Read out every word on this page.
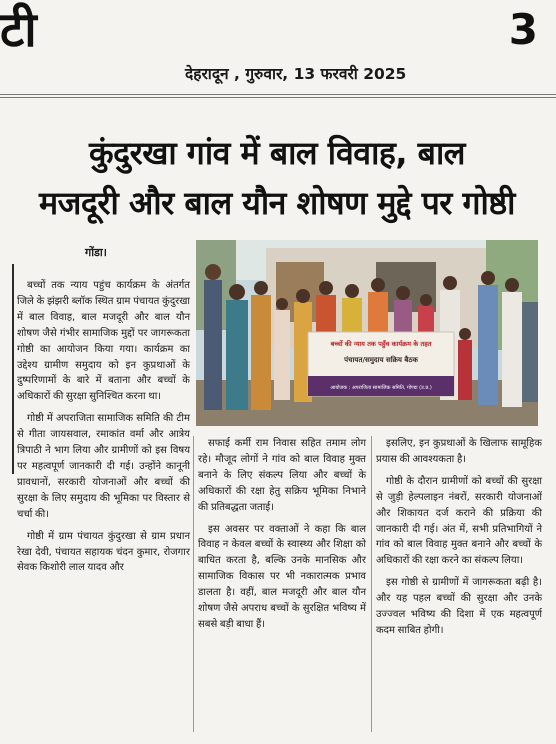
टी	3
देहरादून , गुरुवार, 13 फरवरी 2025
कुंदुरखा गांव में बाल विवाह, बाल
मजदूरी और बाल यौन शोषण मुद्दे पर गोष्ठी
गोंडा।
बच्चों की न्याय तक पहुँच कार्यक्रम के तहत
पंचायत/समुदाय सक्रिय बैठक
आयोजक : अपराजिता सामाजिक समिति, गोण्डा (उ.प्र.)

बच्चों तक न्याय पहुंच कार्यक्रम के अंतर्गत जिले के झंझरी ब्लॉक स्थित ग्राम पंचायत कुंदुरखा में बाल विवाह, बाल मजदूरी और बाल यौन शोषण जैसे गंभीर सामाजिक मुद्दों पर जागरूकता गोष्ठी का आयोजन किया गया। कार्यक्रम का उद्देश्य ग्रामीण समुदाय को इन कुप्रथाओं के दुष्परिणामों के बारे में बताना और बच्चों के अधिकारों की सुरक्षा सुनिश्चित करना था।

गोष्ठी में अपराजिता सामाजिक समिति की टीम से गीता जायसवाल, रमाकांत वर्मा और आत्रेय त्रिपाठी ने भाग लिया और ग्रामीणों को इस विषय पर महत्वपूर्ण जानकारी दी गई। उन्होंने कानूनी प्रावधानों, सरकारी योजनाओं और बच्चों की सुरक्षा के लिए समुदाय की भूमिका पर विस्तार से चर्चा की।

गोष्ठी में ग्राम पंचायत कुंदुरखा से ग्राम प्रधान रेखा देवी, पंचायत सहायक चंदन कुमार, रोजगार सेवक किशोरी लाल यादव और

सफाई कर्मी राम निवास सहित तमाम लोग रहे। मौजूद लोगों ने गांव को बाल विवाह मुक्त बनाने के लिए संकल्प लिया और बच्चों के अधिकारों की रक्षा हेतु सक्रिय भूमिका निभाने की प्रतिबद्धता जताई।

इस अवसर पर वक्ताओं ने कहा कि बाल विवाह न केवल बच्चों के स्वास्थ्य और शिक्षा को बाधित करता है, बल्कि उनके मानसिक और सामाजिक विकास पर भी नकारात्मक प्रभाव डालता है। वहीं, बाल मजदूरी और बाल यौन शोषण जैसे अपराध बच्चों के सुरक्षित भविष्य में सबसे बड़ी बाधा हैं।

इसलिए, इन कुप्रथाओं के खिलाफ सामूहिक प्रयास की आवश्यकता है।

गोष्ठी के दौरान ग्रामीणों को बच्चों की सुरक्षा से जुड़ी हेल्पलाइन नंबरों, सरकारी योजनाओं और शिकायत दर्ज कराने की प्रक्रिया की जानकारी दी गई। अंत में, सभी प्रतिभागियों ने गांव को बाल विवाह मुक्त बनाने और बच्चों के अधिकारों की रक्षा करने का संकल्प लिया।

इस गोष्ठी से ग्रामीणों में जागरूकता बढ़ी है। और यह पहल बच्चों की सुरक्षा और उनके उज्ज्वल भविष्य की दिशा में एक महत्वपूर्ण कदम साबित होगी।
